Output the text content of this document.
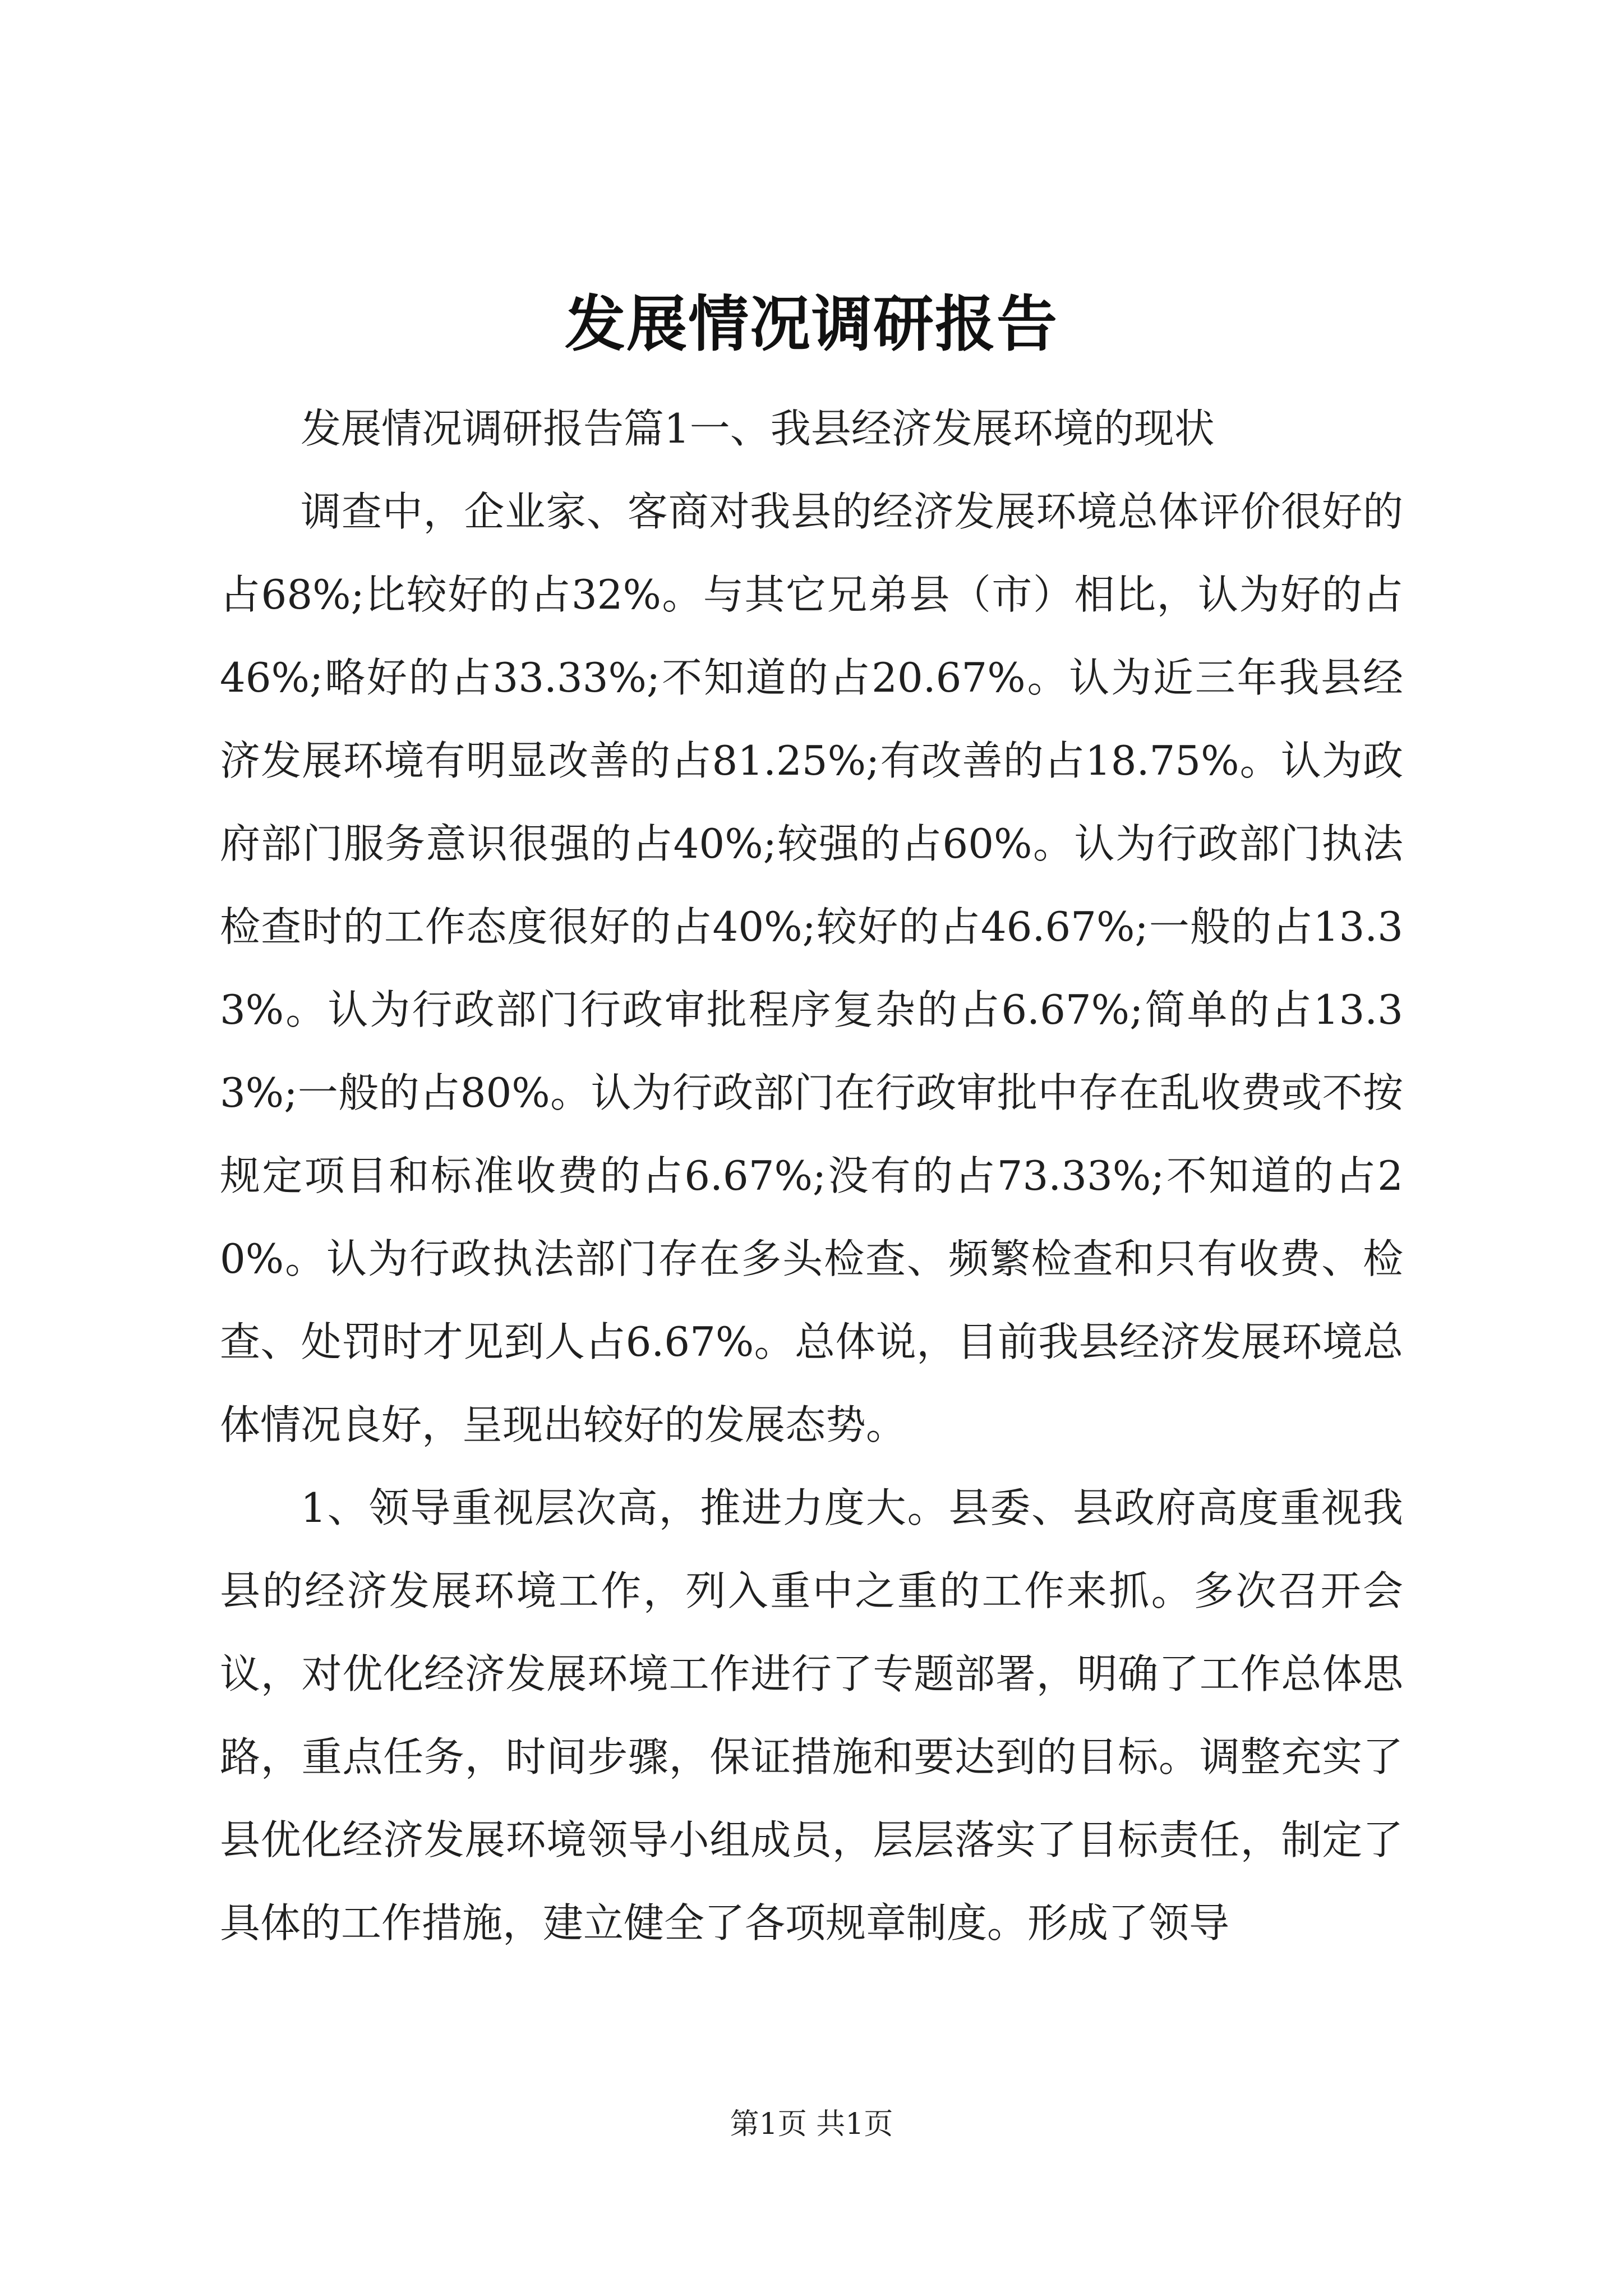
发展情况调研报告

发展情况调研报告篇1一、我县经济发展环境的现状

调查中，企业家、客商对我县的经济发展环境总体评价很好的占68%;比较好的占32%。与其它兄弟县（市）相比，认为好的占46%;略好的占33.33%;不知道的占20.67%。认为近三年我县经济发展环境有明显改善的占81.25%;有改善的占18.75%。认为政府部门服务意识很强的占40%;较强的占60%。认为行政部门执法检查时的工作态度很好的占40%;较好的占46.67%;一般的占13.33%。认为行政部门行政审批程序复杂的占6.67%;简单的占13.33%;一般的占80%。认为行政部门在行政审批中存在乱收费或不按规定项目和标准收费的占6.67%;没有的占73.33%;不知道的占20%。认为行政执法部门存在多头检查、频繁检查和只有收费、检查、处罚时才见到人占6.67%。总体说，目前我县经济发展环境总体情况良好，呈现出较好的发展态势。

1、领导重视层次高，推进力度大。县委、县政府高度重视我县的经济发展环境工作，列入重中之重的工作来抓。多次召开会议，对优化经济发展环境工作进行了专题部署，明确了工作总体思路，重点任务，时间步骤，保证措施和要达到的目标。调整充实了县优化经济发展环境领导小组成员，层层落实了目标责任，制定了具体的工作措施，建立健全了各项规章制度。形成了领导

第1页 共1页
